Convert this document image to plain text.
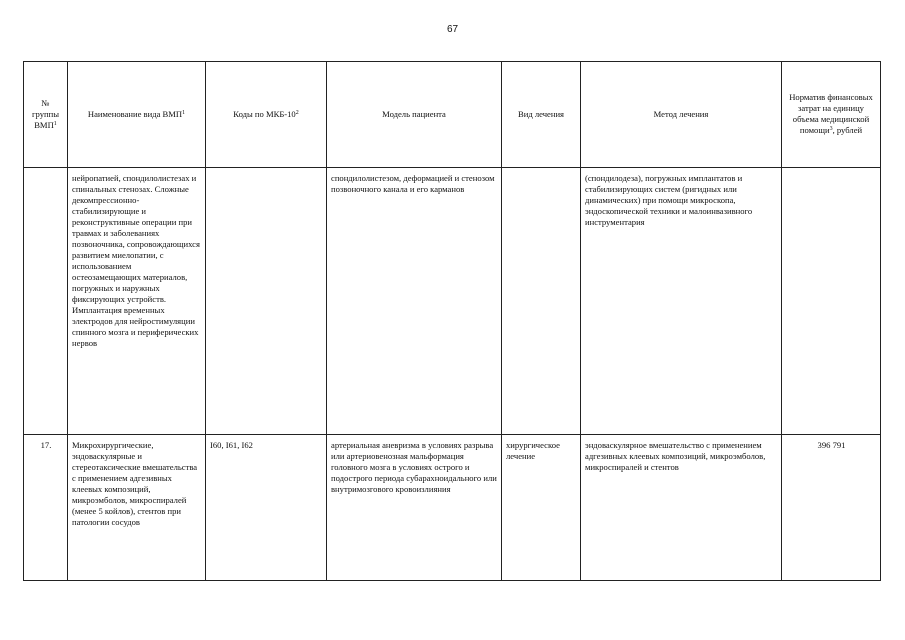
67
№ группы ВМП$^1$	Наименование вида ВМП$^1$	Коды по МКБ-$10^2$	Модель пациента	Вид лечения	Метод лечения	Норматив финансовых затрат на единицу объема медицинской помощи$^3$, рублей
	нейропатией, спондилолистезах и спинальных стенозах. Сложные декомпрессионно-стабилизирующие и реконструктивные операции при травмах и заболеваниях позвоночника, сопровождающихся развитием миелопатии, с использованием остеозамещающих материалов, погружных и наружных фиксирующих устройств. Имплантация временных электродов для нейростимуляции спинного мозга и периферических нервов		спондилолистезом, деформацией и стенозом позвоночного канала и его карманов		(спондилодеза), погружных имплантатов и стабилизирующих систем (ригидных или динамических) при помощи микроскопа, эндоскопической техники и малоинвазивного инструментария	
17.	Микрохирургические, эндоваскулярные и стереотаксические вмешательства с применением адгезивных клеевых композиций, микроэмболов, микроспиралей (менее 5 койлов), стентов при патологии сосудов	I60, I61, I62	артериальная аневризма в условиях разрыва или артериовенозная мальформация головного мозга в условиях острого и подострого периода субарахноидального или внутримозгового кровоизлияния	хирургическое лечение	эндоваскулярное вмешательство с применением адгезивных клеевых композиций, микроэмболов, микроспиралей и стентов	396 791
